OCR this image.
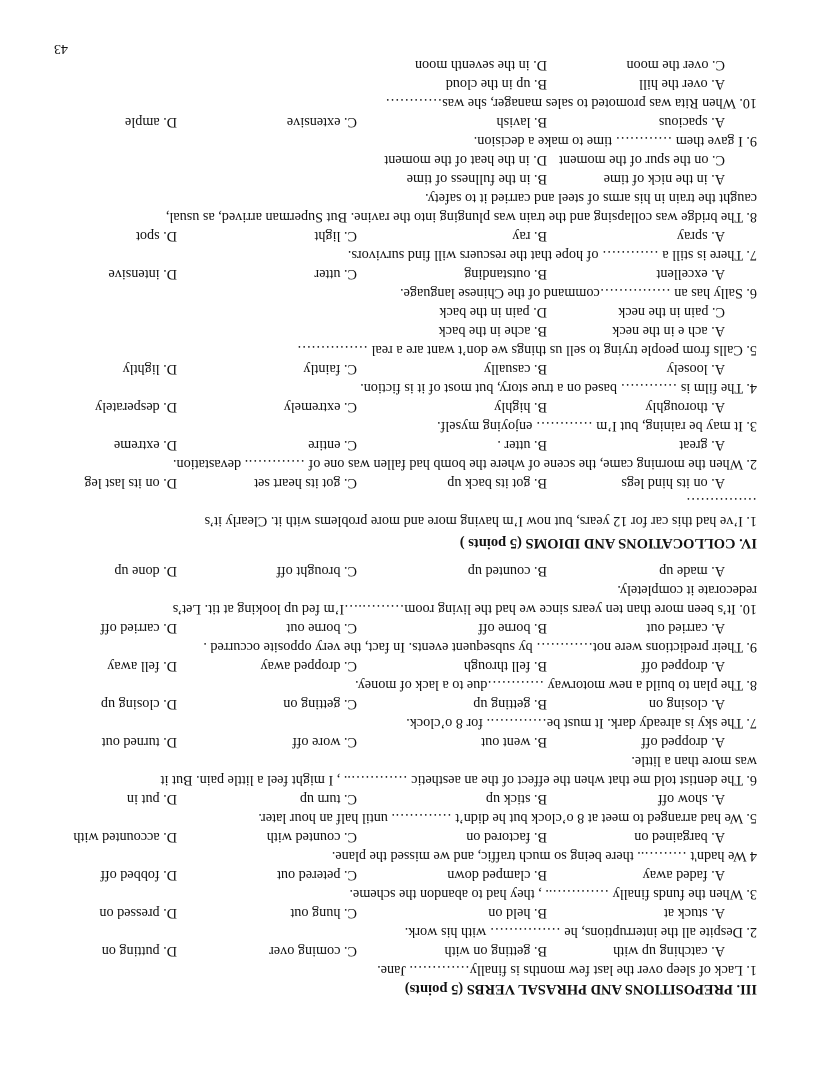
III. PREPOSITIONS AND PHRASAL VERBS (5 points)
1. Lack of sleep over the last few months is finally…………. Jane.
A. catching up with
B. getting on with
C. coming over
D. putting on
2. Despite all the interruptions, he …………… with his work.
A. stuck at
B. held on
C. hung out
D. pressed on
3. When the funds finally ………….. , they had to abandon the scheme.
A. faded away
B. clamped down
C. petered out
D. fobbed off
4 We hadn't ……….. there being so much traffic, and we missed the plane.
A. bargained on
B. factored on
C. counted with
D. accounted with
5. We had arranged to meet at 8 o’clock but he didn’t …………. until half an hour later.
A. show off
B. stick up
C. turn up
D. put in
6. The dentist told me that when the effect of the an aesthetic ………….. , I might feel a little pain. But it
was more than a little.
A. dropped off
B. went out
C. wore off
D. turned out
7. The sky is already dark. It must be…………. for 8 o’clock.
A. closing on
B. getting up
C. getting on
D. closing up
8. The plan to build a new motorway …………due to a lack of money.
A. dropped off
B. fell through
C. dropped away
D. fell away
9. Their predictions were not………… by subsequent events. In fact, the very opposite occurred .
A. carried out
B. borne off
C. borne out
D. carried off
10. It’s been more than ten years since we had the living room……….…I’m fed up looking at tit. Let’s
redecorate it completely.
A. made up
B. counted up
C. brought off
D. done up
IV. COLLOCATIONS AND IDIOMS (5 points )
1. I’ve had this car for 12 years, but now I’m having more and more problems with it. Clearly it’s
……………
A. on its hind legs
B. got its back up
C. got its heart set
D. on its last leg
2. When the morning came, the scene of where the bomb had fallen was one of …………. devastation.
A. great
B. utter .
C. entire
D. extreme
3. It may be raining, but I’m ………… enjoying myself.
A. thoroughly
B. highly
C. extremely
D. desperately
4. The film is ………… based on a true story, but most of it is fiction.
A. loosely
B. casually
C. faintly
D. lightly
5. Calls from people trying to sell us things we don’t want are a real ……………
A. ach e in the neck
B. ache in the back
C. pain in the neck
D. pain in the back
6. Sally has an ……………command of the Chinese language.
A. excellent
B. outstanding
C. utter
D. intensive
7. There is still a ………… of hope that the rescuers will find survivors.
A. spray
B. ray
C. light
D. spot
8. The bridge was collapsing and the train was plunging into the ravine. But Superman arrived, as usual,
caught the train in his arms of steel and carried it to safety.
A. in the nick of time
B. in the fullness of time
C. on the spur of the moment
D. in the heat of the moment
9. I gave them ………… time to make a decision.
A. spacious
B. lavish
C. extensive
D. ample
10. When Rita was promoted to sales manager, she was…………
A. over the hill
B. up in the cloud
C. over the moon
D. in the seventh moon
43
